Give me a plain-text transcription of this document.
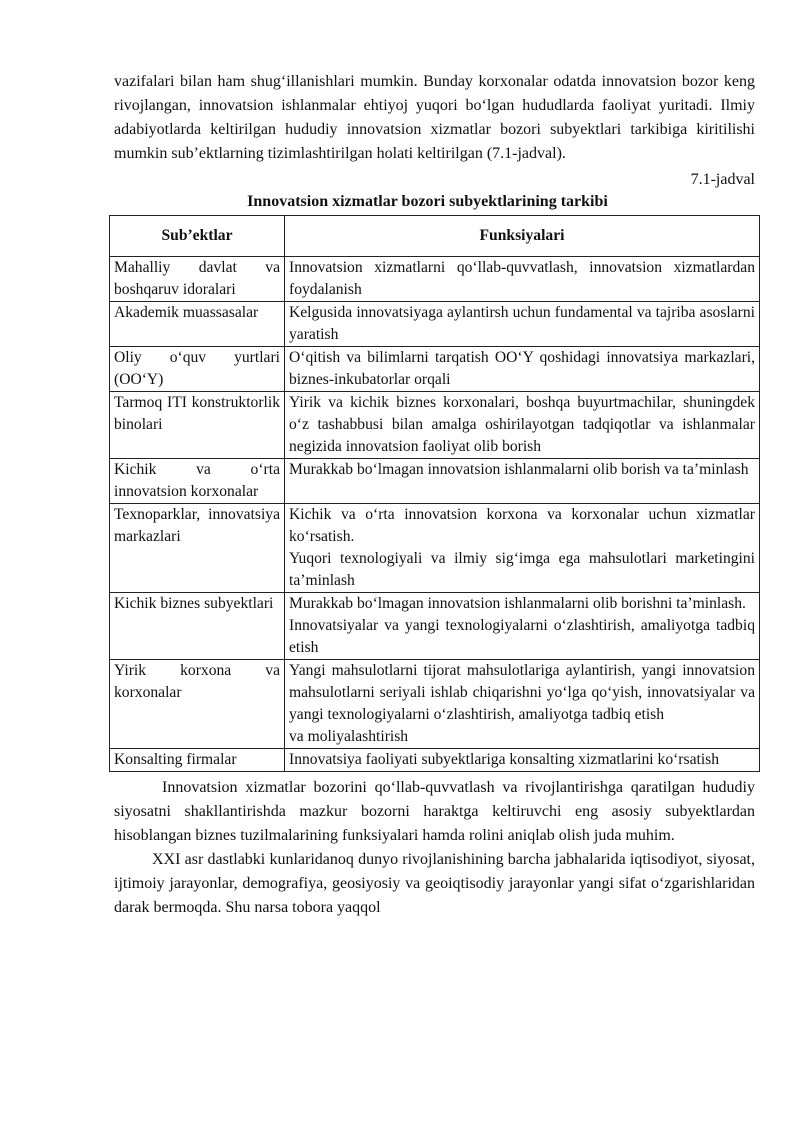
vazifalari bilan ham shug‘illanishlari mumkin. Bunday korxonalar odatda innovatsion bozor keng rivojlangan, innovatsion ishlanmalar ehtiyoj yuqori bo‘lgan hududlarda faoliyat yuritadi. Ilmiy adabiyotlarda keltirilgan hududiy innovatsion xizmatlar bozori subyektlari tarkibiga kiritilishi mumkin sub’ektlarning tizimlashtirilgan holati keltirilgan (7.1-jadval).

7.1-jadval
Innovatsion xizmatlar bozori subyektlarining tarkibi
Sub’ektlar	Funksiyalari
Mahalliy davlat va boshqaruv idoralari	Innovatsion xizmatlarni qo‘llab-quvvatlash, innovatsion xizmatlardan foydalanish

Akademik muassasalar	Kelgusida innovatsiyaga aylantirsh uchun fundamental va tajriba asoslarni yaratish

Oliy o‘quv yurtlari (OO‘Y)	O‘qitish va bilimlarni tarqatish OO‘Y qoshidagi innovatsiya markazlari, biznes-inkubatorlar orqali

Tarmoq ITI konstruktorlik binolari	Yirik va kichik biznes korxonalari, boshqa buyurtmachilar, shuningdek o‘z tashabbusi bilan amalga oshirilayotgan tadqiqotlar va ishlanmalar negizida innovatsion faoliyat olib borish

Kichik va o‘rta innovatsion korxonalar	Murakkab bo‘lmagan innovatsion ishlanmalarni olib borish va ta’minlash

Texnoparklar, innovatsiya markazlari	Kichik va o‘rta innovatsion korxona va korxonalar uchun xizmatlar ko‘rsatish.
Yuqori texnologiyali va ilmiy sig‘imga ega mahsulotlari marketingini ta’minlash

Kichik biznes subyektlari	Murakkab bo‘lmagan innovatsion ishlanmalarni olib borishni ta’minlash.
Innovatsiyalar va yangi texnologiyalarni o‘zlashtirish, amaliyotga tadbiq etish

Yirik korxona va korxonalar	Yangi mahsulotlarni tijorat mahsulotlariga aylantirish, yangi innovatsion mahsulotlarni seriyali ishlab chiqarishni yo‘lga qo‘yish, innovatsiyalar va yangi texnologiyalarni o‘zlashtirish, amaliyotga tadbiq etish
va moliyalashtirish

Konsalting firmalar	Innovatsiya faoliyati subyektlariga konsalting xizmatlarini ko‘rsatish

Innovatsion xizmatlar bozorini qo‘llab-quvvatlash va rivojlantirishga qaratilgan hududiy siyosatni shakllantirishda mazkur bozorni haraktga keltiruvchi eng asosiy subyektlardan hisoblangan biznes tuzilmalarining funksiyalari hamda rolini aniqlab olish juda muhim.

XXI asr dastlabki kunlaridanoq dunyo rivojlanishining barcha jabhalarida iqtisodiyot, siyosat, ijtimoiy jarayonlar, demografiya, geosiyosiy va geoiqtisodiy jarayonlar yangi sifat o‘zgarishlaridan darak bermoqda. Shu narsa tobora yaqqol
